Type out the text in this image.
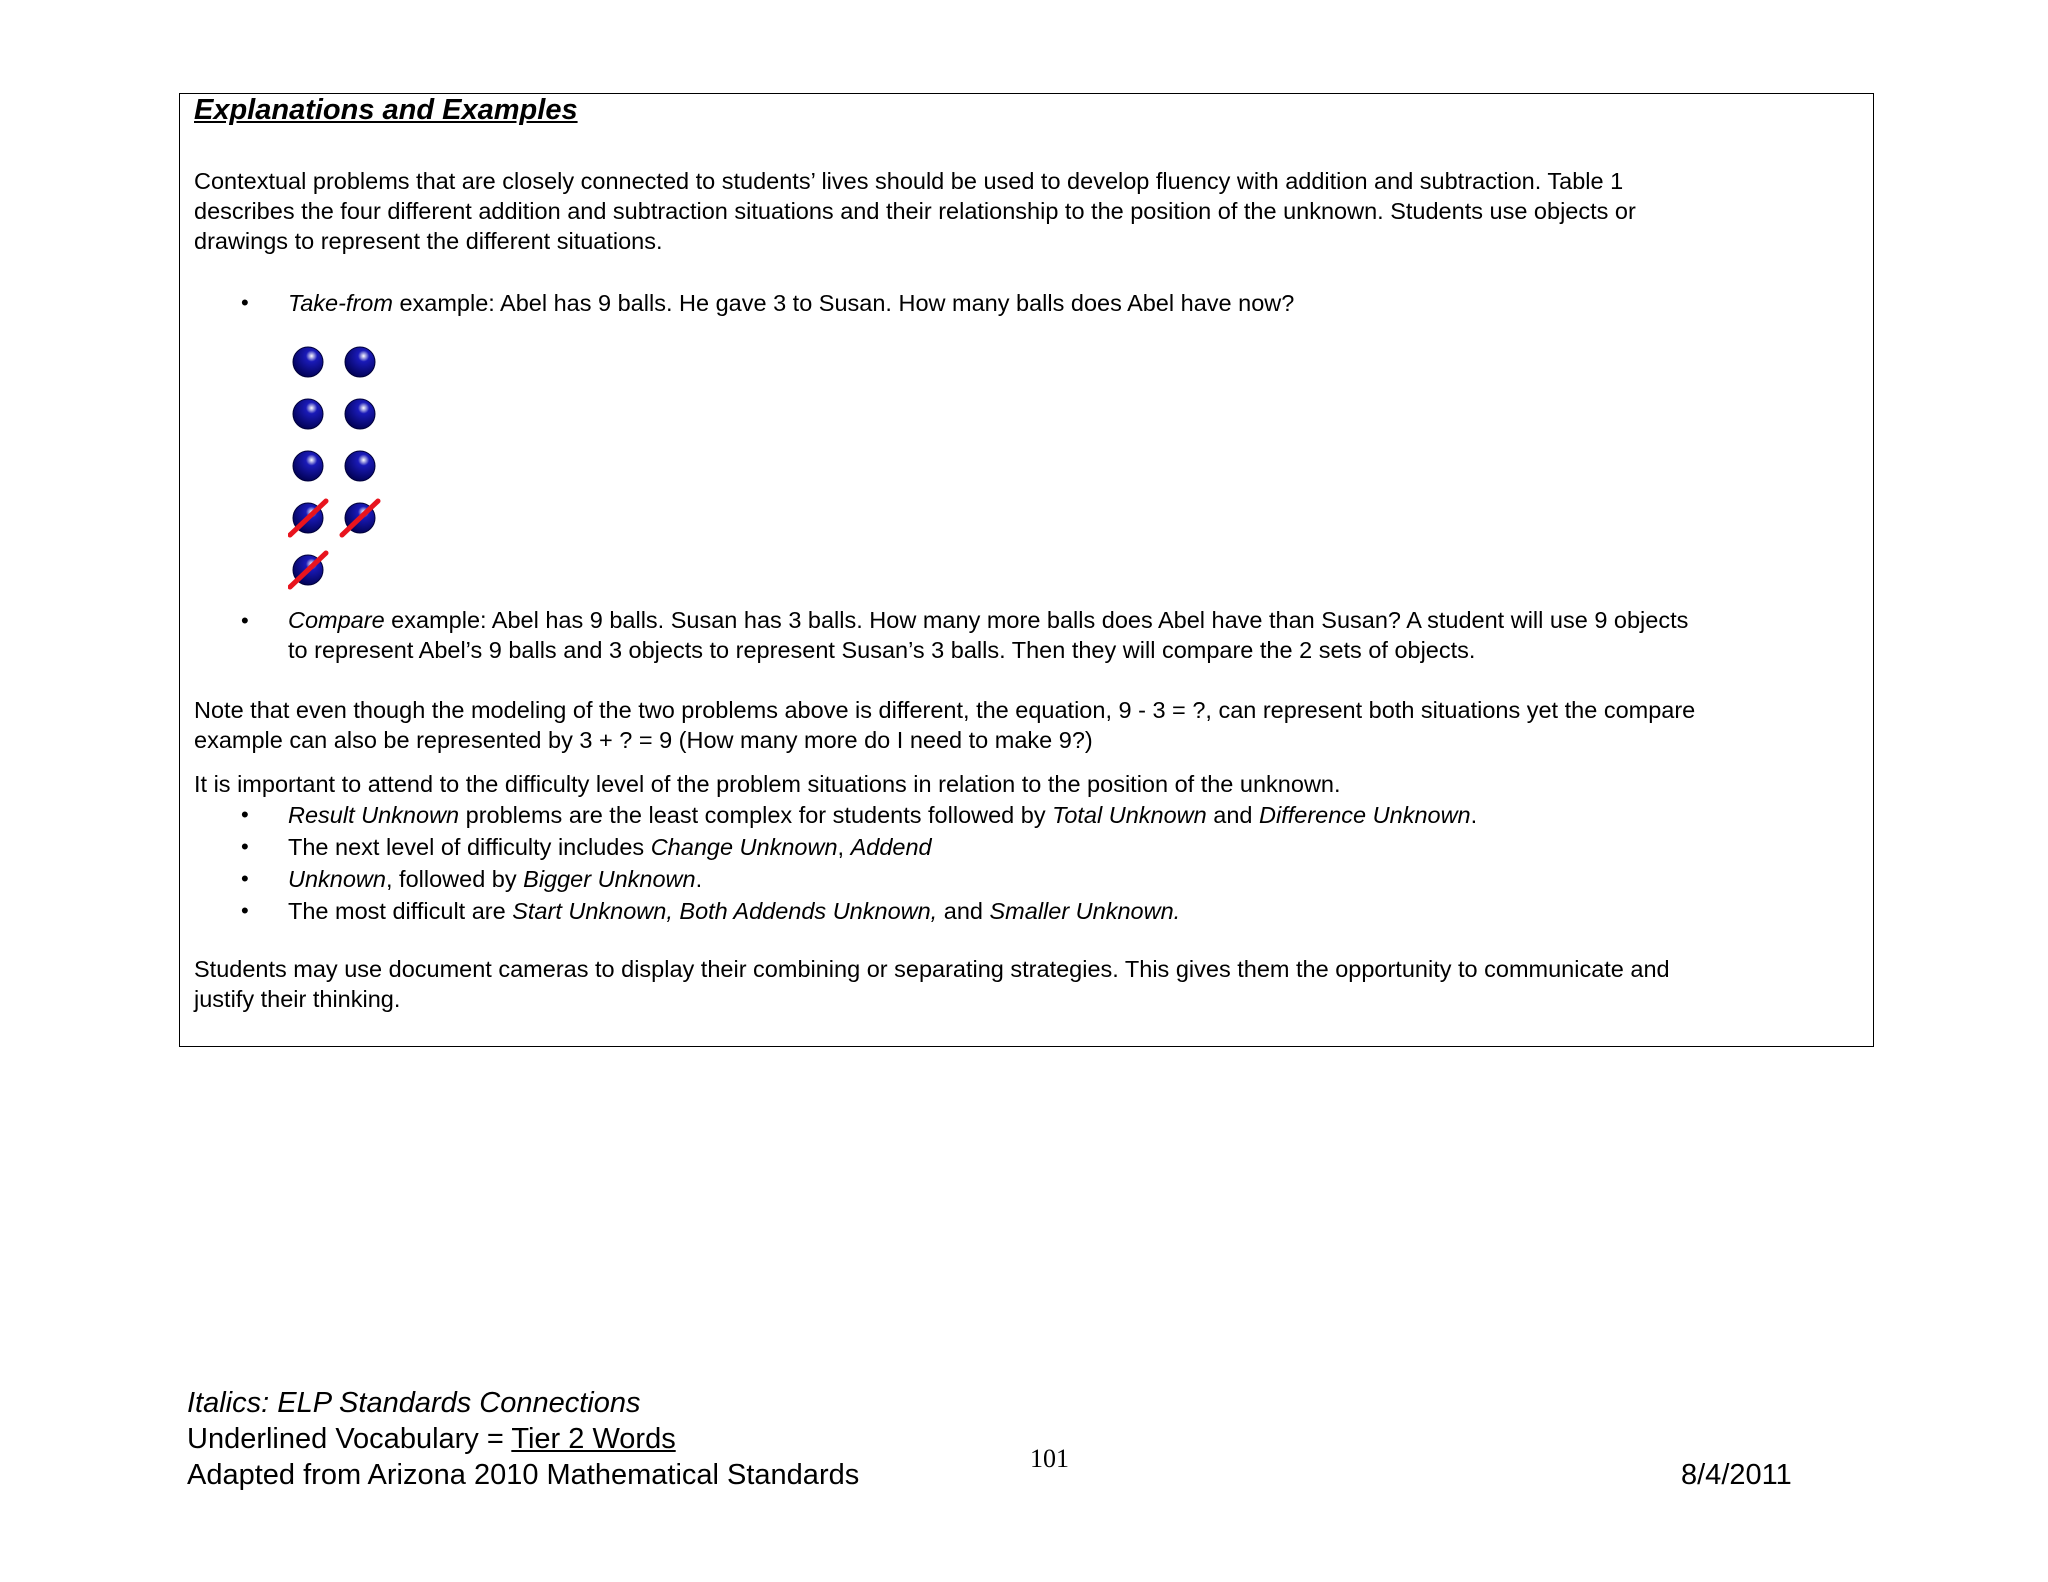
Explanations and Examples
Contextual problems that are closely connected to students’ lives should be used to develop fluency with addition and subtraction. Table 1
describes the four different addition and subtraction situations and their relationship to the position of the unknown. Students use objects or
drawings to represent the different situations.
• Take-from example: Abel has 9 balls. He gave 3 to Susan. How many balls does Abel have now?
• Compare example: Abel has 9 balls. Susan has 3 balls. How many more balls does Abel have than Susan? A student will use 9 objects
to represent Abel’s 9 balls and 3 objects to represent Susan’s 3 balls. Then they will compare the 2 sets of objects.
Note that even though the modeling of the two problems above is different, the equation, 9 - 3 = ?, can represent both situations yet the compare
example can also be represented by 3 + ? = 9 (How many more do I need to make 9?)
It is important to attend to the difficulty level of the problem situations in relation to the position of the unknown.
• Result Unknown problems are the least complex for students followed by Total Unknown and Difference Unknown.
• The next level of difficulty includes Change Unknown, Addend
• Unknown, followed by Bigger Unknown.
• The most difficult are Start Unknown, Both Addends Unknown, and Smaller Unknown.
Students may use document cameras to display their combining or separating strategies. This gives them the opportunity to communicate and
justify their thinking.
Italics: ELP Standards Connections
Underlined Vocabulary = Tier 2 Words
Adapted from Arizona 2010 Mathematical Standards
101
8/4/2011
